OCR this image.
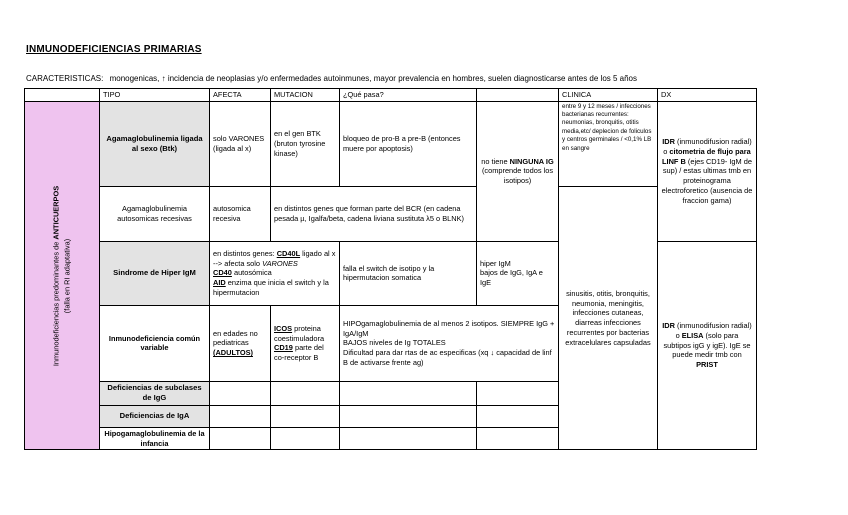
INMUNODEFICIENCIAS PRIMARIAS
CARACTERISTICAS: monogenicas, ↑ incidencia de neoplasias y/o enfermedades autoinmunes, mayor prevalencia en hombres, suelen diagnosticarse antes de los 5 años
	TIPO	AFECTA	MUTACION	¿Qué pasa?		CLINICA	DX	

Inmunodeficiencias predominantes de ANTICUERPOS
(falla en RI adaptativa)	Agamaglobulinemia ligada al sexo (Btk)	solo VARONES (ligada al x)	en el gen BTK (bruton tyrosine kinase)	bloqueo de pro-B a pre-B (entonces muere por apoptosis)	no tiene NINGUNA IG (comprende todos los isotipos)	entre 9 y 12 meses / infecciones bacterianas recurrentes: neumonias, bronquitis, otitis media,etc/ deplecion de foliculos y centros germinales / <0,1% LB en sangre	IDR (inmunodifusion radial) o citometria de flujo para LINF B (ejes CD19- IgM de sup) / estas ultimas tmb en proteinograma electroforetico (ausencia de fraccion gama)	
	Agamaglobulinemia autosomicas recesivas	autosomica recesiva	en distintos genes que forman parte del BCR (en cadena pesada µ, Igalfa/beta, cadena liviana sustituta λ5 o BLNK)			sinusitis, otitis, bronquitis, neumonia, meningitis, infecciones cutaneas, diarreas infecciones recurrentes por bacterias extracelulares capsuladas		
	Sindrome de Hiper IgM	en distintos genes: CD40L ligado al x --> afecta solo VARONES
CD40 autosómica
AID enzima que inicia el switch y la hipermutacion		falla el switch de isotipo y la hipermutacion somatica	hiper IgM
bajos de IgG, IgA e IgE		IDR (inmunodifusion radial) o ELISA (solo para subtipos igG y igE). IgE se puede medir tmb con PRIST	
	Inmunodeficiencia común variable	en edades no pediatricas (ADULTOS)	ICOS proteina coestimuladora
CD19 parte del co-receptor B	HIPOgamaglobulinemia de al menos 2 isotipos. SIEMPRE IgG + IgA/IgM
BAJOS niveles de Ig TOTALES
Dificultad para dar rtas de ac especificas (xq ↓ capacidad de linf B de activarse frente ag)				
	Deficiencias de subclases de IgG							
	Deficiencias de IgA							
	Hipogamaglobulinemia de la infancia							
